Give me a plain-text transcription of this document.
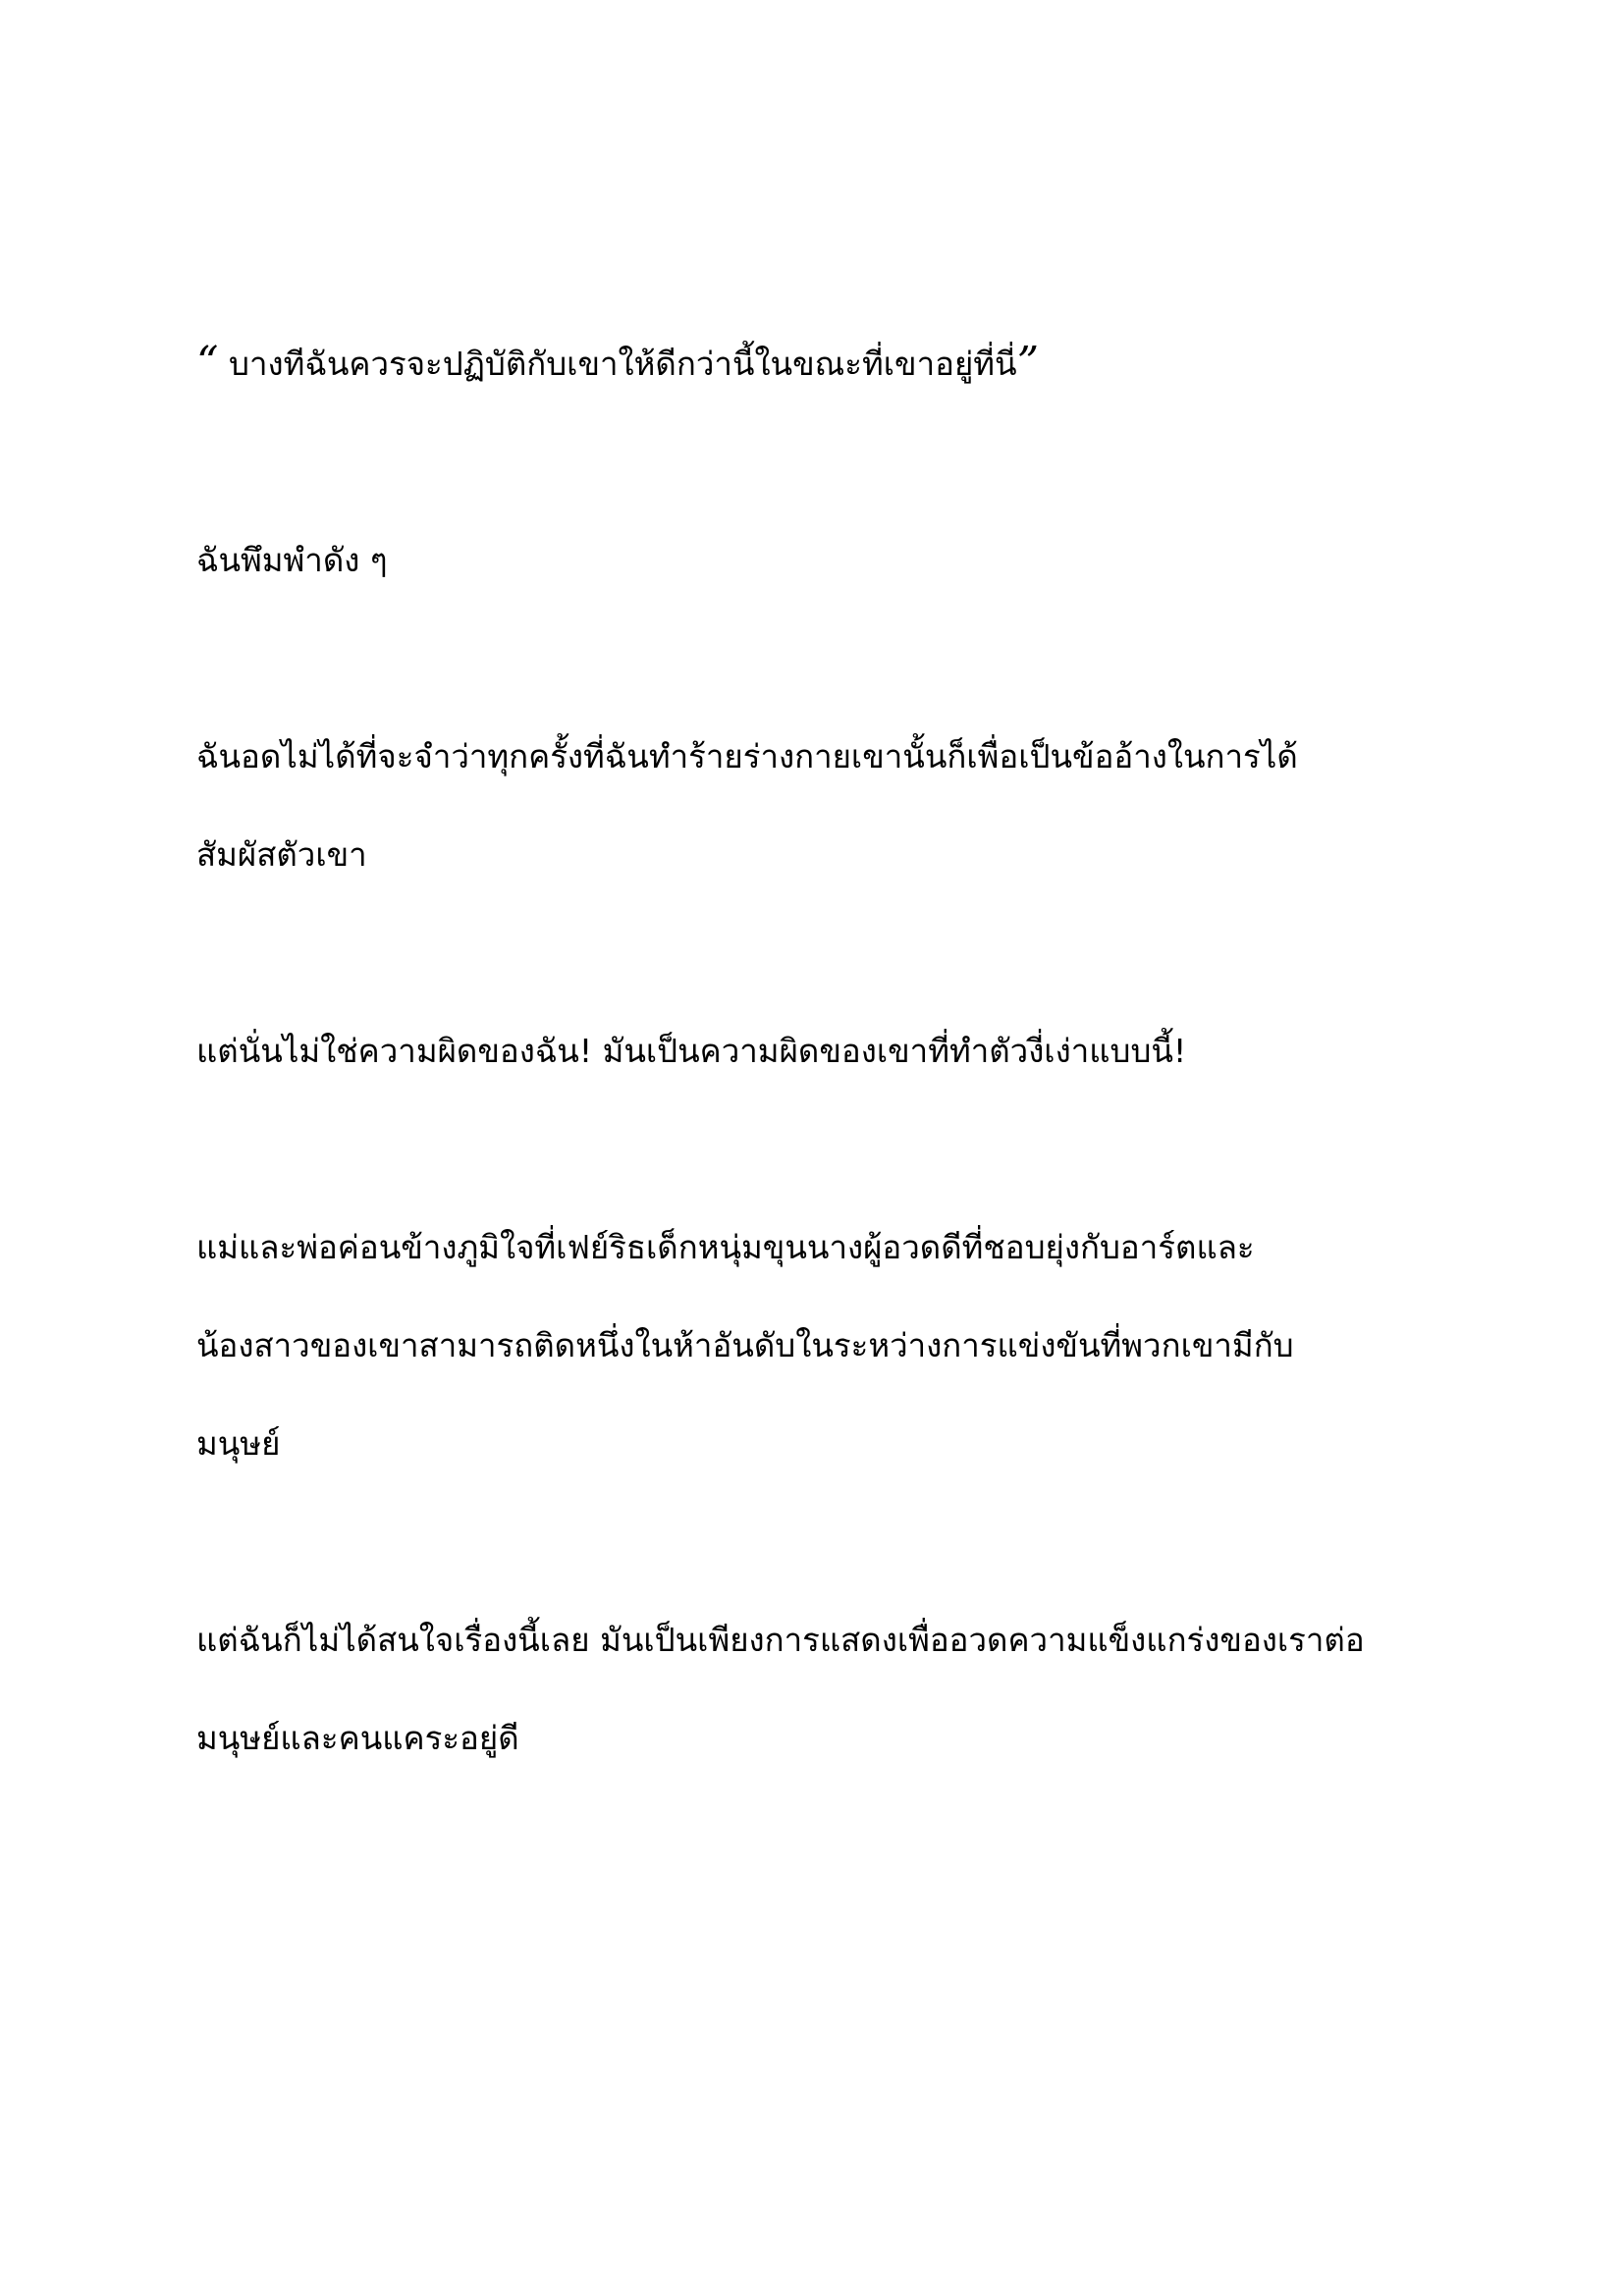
“ บางทีฉันควรจะปฏิบัติกับเขาให้ดีกว่านี้ในขณะที่เขาอยู่ที่นี่”

ฉันพึมพำดัง ๆ

ฉันอดไม่ได้ที่จะจำว่าทุกครั้งที่ฉันทำร้ายร่างกายเขานั้นก็เพื่อเป็นข้ออ้างในการได้
สัมผัสตัวเขา

แต่นั่นไม่ใช่ความผิดของฉัน! มันเป็นความผิดของเขาที่ทำตัวงี่เง่าแบบนี้!

แม่และพ่อค่อนข้างภูมิใจที่เฟย์ริธเด็กหนุ่มขุนนางผู้อวดดีที่ชอบยุ่งกับอาร์ตและ
น้องสาวของเขาสามารถติดหนึ่งในห้าอันดับในระหว่างการแข่งขันที่พวกเขามีกับ
มนุษย์

แต่ฉันก็ไม่ได้สนใจเรื่องนี้เลย มันเป็นเพียงการแสดงเพื่ออวดความแข็งแกร่งของเราต่อ
มนุษย์และคนแคระอยู่ดี
